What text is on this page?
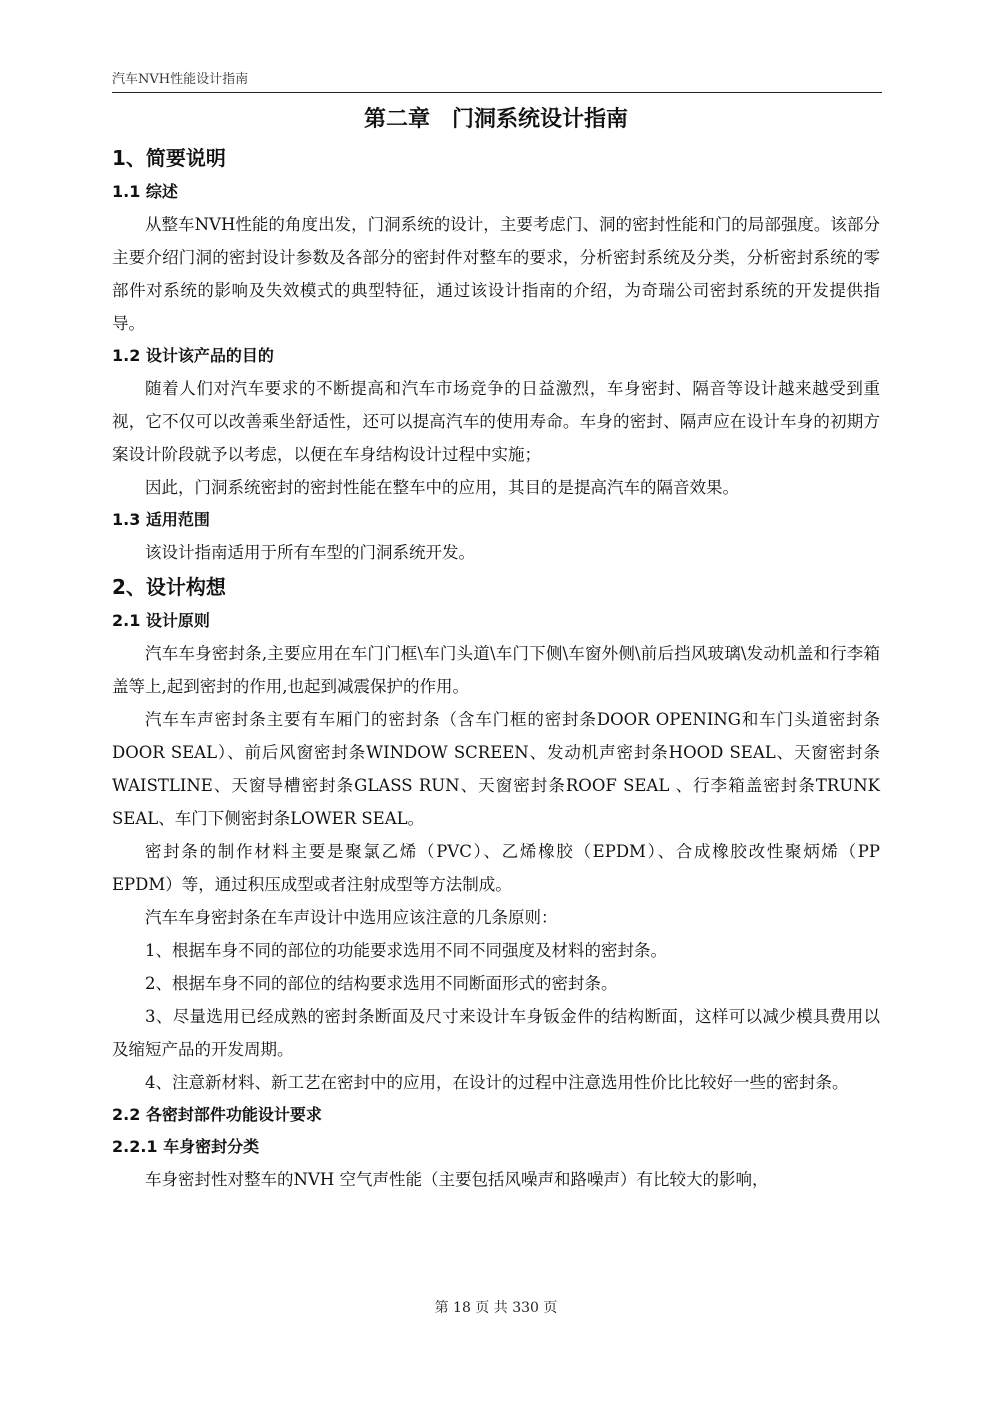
汽车NVH性能设计指南
第二章　门洞系统设计指南
1、简要说明
1.1 综述

从整车NVH性能的角度出发，门洞系统的设计，主要考虑门、洞的密封性能和门的局部强度。该部分主要介绍门洞的密封设计参数及各部分的密封件对整车的要求，分析密封系统及分类，分析密封系统的零部件对系统的影响及失效模式的典型特征，通过该设计指南的介绍，为奇瑞公司密封系统的开发提供指导。

1.2 设计该产品的目的

随着人们对汽车要求的不断提高和汽车市场竞争的日益激烈，车身密封、隔音等设计越来越受到重视，它不仅可以改善乘坐舒适性，还可以提高汽车的使用寿命。车身的密封、隔声应在设计车身的初期方案设计阶段就予以考虑，以便在车身结构设计过程中实施；

因此，门洞系统密封的密封性能在整车中的应用，其目的是提高汽车的隔音效果。

1.3 适用范围

该设计指南适用于所有车型的门洞系统开发。

2、设计构想
2.1 设计原则

汽车车身密封条,主要应用在车门门框\车门头道\车门下侧\车窗外侧\前后挡风玻璃\发动机盖和行李箱盖等上,起到密封的作用,也起到减震保护的作用。

汽车车声密封条主要有车厢门的密封条（含车门框的密封条DOOR OPENING和车门头道密封条DOOR SEAL）、前后风窗密封条WINDOW SCREEN、发动机声密封条HOOD SEAL、天窗密封条WAISTLINE、天窗导槽密封条GLASS RUN、天窗密封条ROOF SEAL 、行李箱盖密封条TRUNK SEAL、车门下侧密封条LOWER SEAL。

密封条的制作材料主要是聚氯乙烯（PVC）、乙烯橡胶（EPDM）、合成橡胶改性聚炳烯（PP EPDM）等，通过积压成型或者注射成型等方法制成。

汽车车身密封条在车声设计中选用应该注意的几条原则：

1、根据车身不同的部位的功能要求选用不同不同强度及材料的密封条。

2、根据车身不同的部位的结构要求选用不同断面形式的密封条。

3、尽量选用已经成熟的密封条断面及尺寸来设计车身钣金件的结构断面，这样可以减少模具费用以及缩短产品的开发周期。

4、注意新材料、新工艺在密封中的应用，在设计的过程中注意选用性价比比较好一些的密封条。

2.2 各密封部件功能设计要求
2.2.1 车身密封分类

车身密封性对整车的NVH 空气声性能（主要包括风噪声和路噪声）有比较大的影响，

第 18 页 共 330 页
